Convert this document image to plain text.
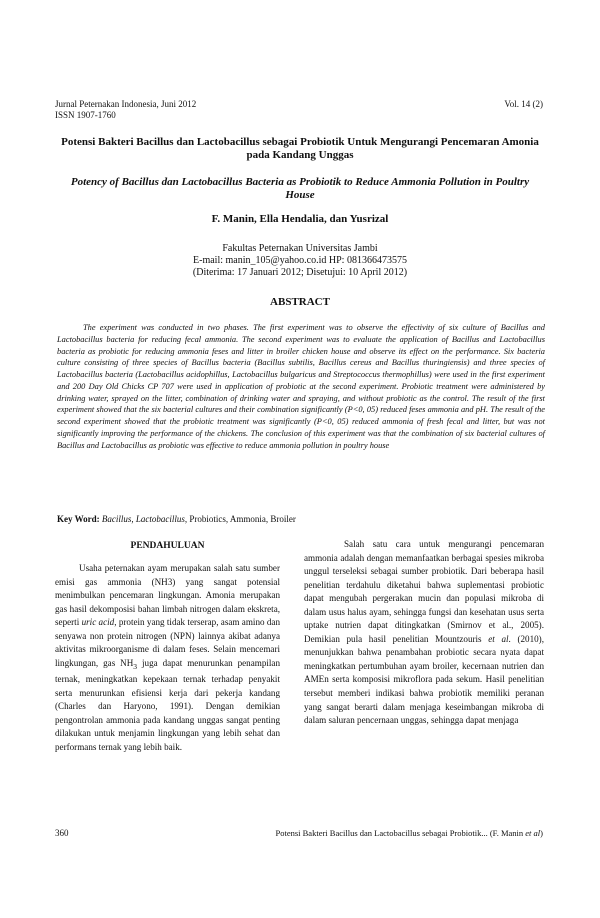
Jurnal Peternakan Indonesia, Juni 2012
ISSN 1907-1760
Vol. 14 (2)
Potensi Bakteri Bacillus dan Lactobacillus sebagai Probiotik Untuk Mengurangi Pencemaran Amonia pada Kandang Unggas
Potency of Bacillus dan Lactobacillus Bacteria as Probiotik to Reduce Ammonia Pollution in Poultry House
F. Manin, Ella Hendalia, dan Yusrizal
Fakultas Peternakan Universitas Jambi
E-mail: manin_105@yahoo.co.id HP: 081366473575
(Diterima: 17 Januari 2012; Disetujui: 10 April 2012)
ABSTRACT

The experiment was conducted in two phases. The first experiment was to observe the effectivity of six culture of Bacillus and Lactobacillus bacteria for reducing fecal ammonia. The second experiment was to evaluate the application of Bacillus and Lactobacillus bacteria as probiotic for reducing ammonia feses and litter in broiler chicken house and observe its effect on the performance. Six bacteria culture consisting of three species of Bacillus bacteria (Bacillus subtilis, Bacillus cereus and Bacillus thuringiensis) and three species of Lactobacillus bacteria (Lactobacillus acidophillus, Lactobacillus bulgaricus and Streptococcus thermophillus) were used in the first experiment and 200 Day Old Chicks CP 707 were used in application of probiotic at the second experiment. Probiotic treatment were administered by drinking water, sprayed on the litter, combination of drinking water and spraying, and without probiotic as the control. The result of the first experiment showed that the six bacterial cultures and their combination significantly (P<0, 05) reduced feses ammonia and pH. The result of the second experiment showed that the probiotic treatment was significantly (P<0, 05) reduced ammonia of fresh fecal and litter, but was not significantly improving the performance of the chickens. The conclusion of this experiment was that the combination of six bacterial cultures of Bacillus and Lactobacillus as probiotic was effective to reduce ammonia pollution in poultry house

Key Word: Bacillus, Lactobacillus, Probiotics, Ammonia, Broiler
PENDAHULUAN

Usaha peternakan ayam merupakan salah satu sumber emisi gas ammonia (NH3) yang sangat potensial menimbulkan pencemaran lingkungan. Amonia merupakan gas hasil dekomposisi bahan limbah nitrogen dalam ekskreta, seperti uric acid, protein yang tidak terserap, asam amino dan senyawa non protein nitrogen (NPN) lainnya akibat adanya aktivitas mikroorganisme di dalam feses. Selain mencemari lingkungan, gas $NH_3$ juga dapat menurunkan penampilan ternak, meningkatkan kepekaan ternak terhadap penyakit serta menurunkan efisiensi kerja dari pekerja kandang (Charles dan Haryono, 1991). Dengan demikian pengontrolan ammonia pada kandang unggas sangat penting dilakukan untuk menjamin lingkungan yang lebih sehat dan performans ternak yang lebih baik.

Salah satu cara untuk mengurangi pencemaran ammonia adalah dengan memanfaatkan berbagai spesies mikroba unggul terseleksi sebagai sumber probiotik. Dari beberapa hasil penelitian terdahulu diketahui bahwa suplementasi probiotic dapat mengubah pergerakan mucin dan populasi mikroba di dalam usus halus ayam, sehingga fungsi dan kesehatan usus serta uptake nutrien dapat ditingkatkan (Smirnov et al., 2005). Demikian pula hasil penelitian Mountzouris et al. (2010), menunjukkan bahwa penambahan probiotic secara nyata dapat meningkatkan pertumbuhan ayam broiler, kecernaan nutrien dan AMEn serta komposisi mikroflora pada sekum. Hasil penelitian tersebut memberi indikasi bahwa probiotik memiliki peranan yang sangat berarti dalam menjaga keseimbangan mikroba di dalam saluran pencernaan unggas, sehingga dapat menjaga

360	Potensi Bakteri Bacillus dan Lactobacillus sebagai Probiotik... (F. Manin et al)
